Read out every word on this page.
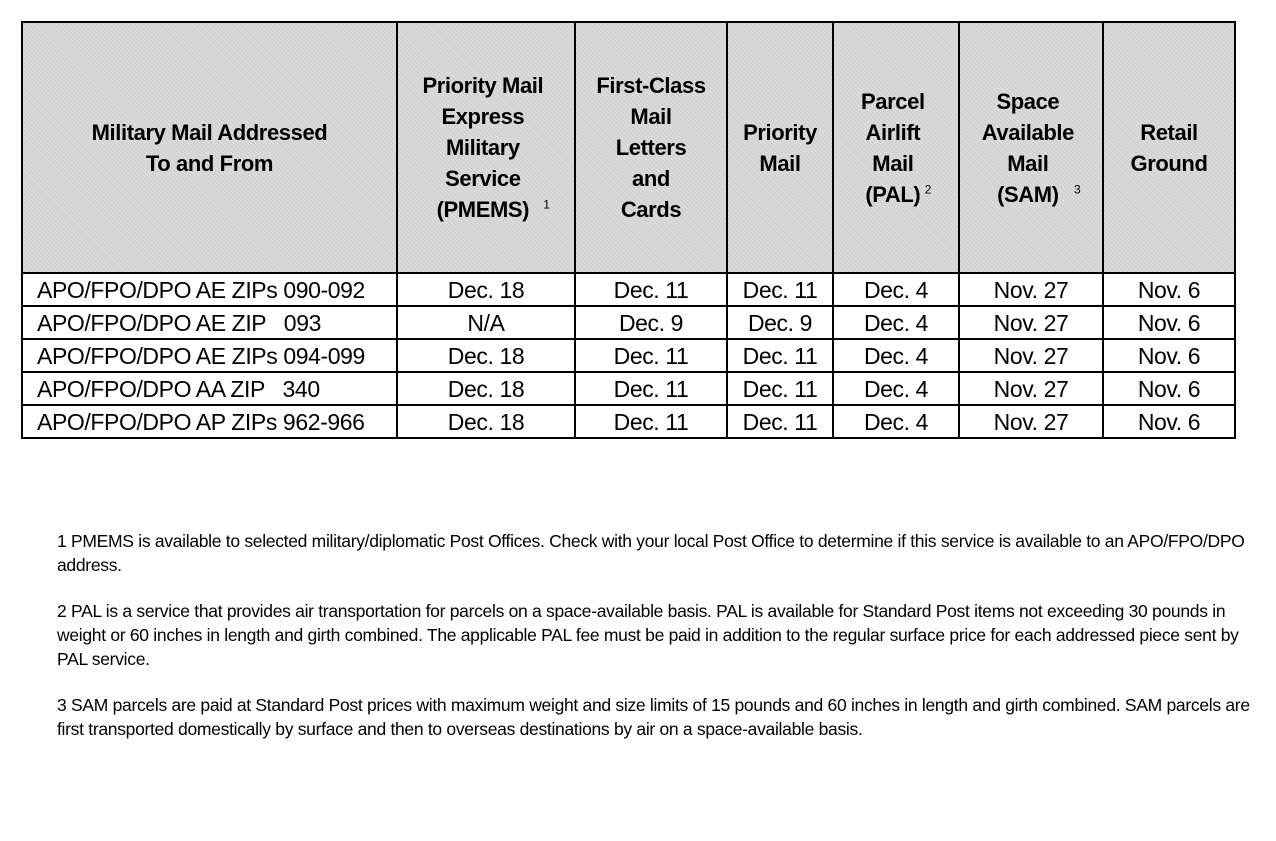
Military Mail Addressed
To and From	Priority Mail
Express
Military
Service
(PMEMS) $^1$	First-Class
Mail
Letters
and
Cards	Priority
Mail	Parcel
Airlift
Mail
(PAL) $^2$	Space
Available
Mail
(SAM) $^3$	Retail
Ground
APO/FPO/DPO AE ZIPs 090-092	Dec. 18	Dec. 11	Dec. 11	Dec. 4	Nov. 27	Nov. 6
APO/FPO/DPO AE ZIP   093	N/A	Dec. 9	Dec. 9	Dec. 4	Nov. 27	Nov. 6
APO/FPO/DPO AE ZIPs 094-099	Dec. 18	Dec. 11	Dec. 11	Dec. 4	Nov. 27	Nov. 6
APO/FPO/DPO AA ZIP   340	Dec. 18	Dec. 11	Dec. 11	Dec. 4	Nov. 27	Nov. 6
APO/FPO/DPO AP ZIPs 962-966	Dec. 18	Dec. 11	Dec. 11	Dec. 4	Nov. 27	Nov. 6

1 PMEMS is available to selected military/diplomatic Post Offices. Check with your local Post Office to determine if this service is available to an APO/FPO/DPO address.

2 PAL is a service that provides air transportation for parcels on a space-available basis. PAL is available for Standard Post items not exceeding 30 pounds in weight or 60 inches in length and girth combined. The applicable PAL fee must be paid in addition to the regular surface price for each addressed piece sent by PAL service.

3 SAM parcels are paid at Standard Post prices with maximum weight and size limits of 15 pounds and 60 inches in length and girth combined. SAM parcels are first transported domestically by surface and then to overseas destinations by air on a space-available basis.
